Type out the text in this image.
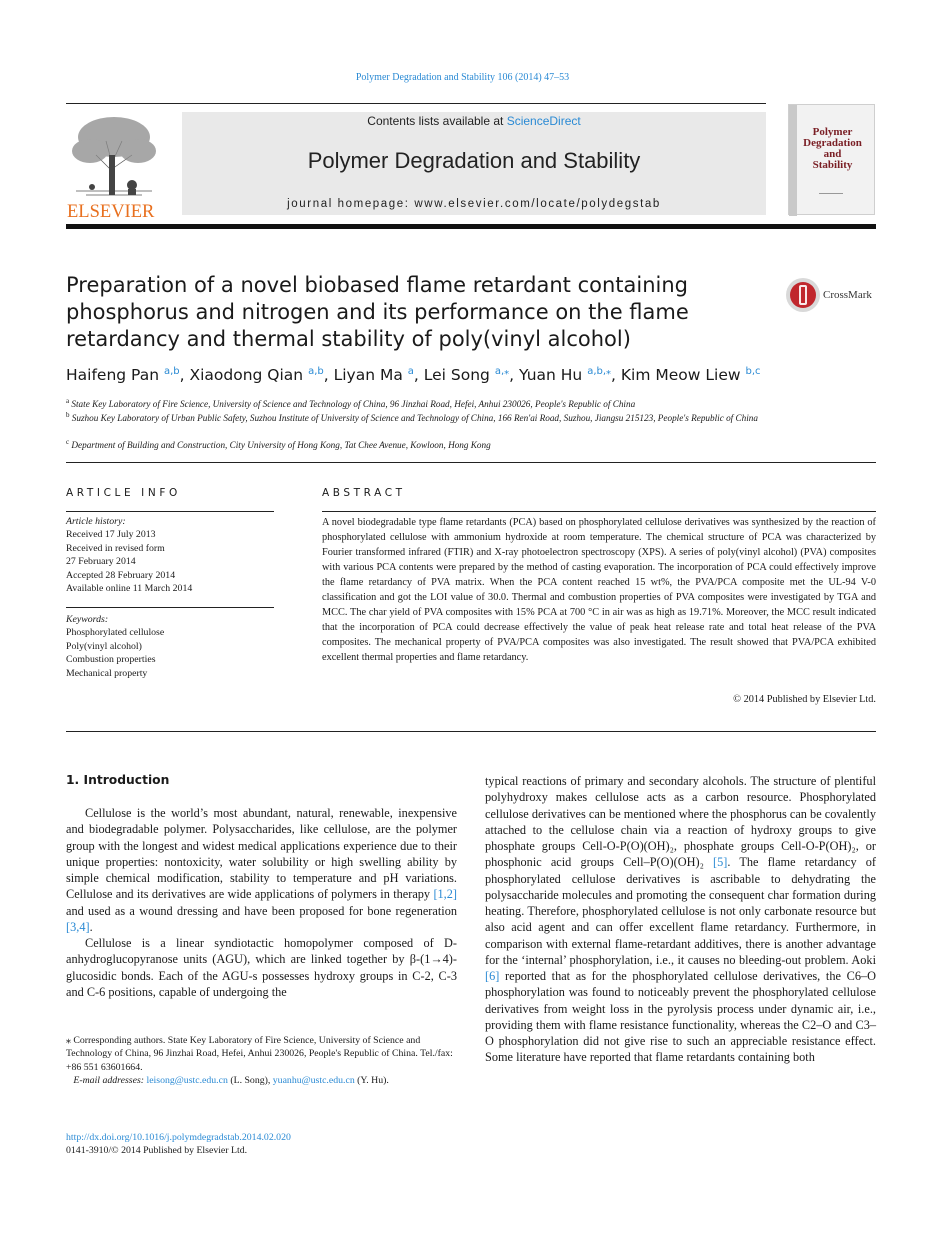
Polymer Degradation and Stability 106 (2014) 47–53
ELSEVIER
Contents lists available at ScienceDirect
Polymer Degradation and Stability
journal homepage: www.elsevier.com/locate/polydegstab
Polymer
Degradation
and
Stability
Preparation of a novel biobased flame retardant containing phosphorus and nitrogen and its performance on the flame retardancy and thermal stability of poly(vinyl alcohol)
CrossMark
Haifeng Pan $^{a,b}$, Xiaodong Qian $^{a,b}$, Liyan Ma $^a$, Lei Song $^{a,⁎}$, Yuan Hu $^{a,b,⁎}$, Kim Meow Liew $^{b,c}$
$^a$ State Key Laboratory of Fire Science, University of Science and Technology of China, 96 Jinzhai Road, Hefei, Anhui 230026, People's Republic of China
$^b$ Suzhou Key Laboratory of Urban Public Safety, Suzhou Institute of University of Science and Technology of China, 166 Ren'ai Road, Suzhou, Jiangsu 215123, People's Republic of China
$^c$ Department of Building and Construction, City University of Hong Kong, Tat Chee Avenue, Kowloon, Hong Kong
ARTICLE INFO	ABSTRACT
Article history:
Received 17 July 2013
Received in revised form
27 February 2014
Accepted 28 February 2014
Available online 11 March 2014
Keywords:
Phosphorylated cellulose
Poly(vinyl alcohol)
Combustion properties
Mechanical property
A novel biodegradable type flame retardants (PCA) based on phosphorylated cellulose derivatives was synthesized by the reaction of phosphorylated cellulose with ammonium hydroxide at room temperature. The chemical structure of PCA was characterized by Fourier transformed infrared (FTIR) and X-ray photoelectron spectroscopy (XPS). A series of poly(vinyl alcohol) (PVA) composites with various PCA contents were prepared by the method of casting evaporation. The incorporation of PCA could effectively improve the flame retardancy of PVA matrix. When the PCA content reached 15 wt%, the PVA/PCA composite met the UL-94 V-0 classification and got the LOI value of 30.0. Thermal and combustion properties of PVA composites were investigated by TGA and MCC. The char yield of PVA composites with 15% PCA at 700 °C in air was as high as 19.71%. Moreover, the MCC result indicated that the incorporation of PCA could decrease effectively the value of peak heat release rate and total heat release of the PVA composites. The mechanical property of PVA/PCA composites was also investigated. The result showed that PVA/PCA exhibited excellent thermal properties and flame retardancy.
© 2014 Published by Elsevier Ltd.
1. Introduction

Cellulose is the world’s most abundant, natural, renewable, inexpensive and biodegradable polymer. Polysaccharides, like cellulose, are the polymer group with the longest and widest medical applications experience due to their unique properties: nontoxicity, water solubility or high swelling ability by simple chemical modification, stability to temperature and pH variations. Cellulose and its derivatives are wide applications of polymers in therapy [1,2] and used as a wound dressing and have been proposed for bone regeneration [3,4].

Cellulose is a linear syndiotactic homopolymer composed of D-anhydroglucopyranose units (AGU), which are linked together by β-(1→4)-glucosidic bonds. Each of the AGU-s possesses hydroxy groups in C-2, C-3 and C-6 positions, capable of undergoing the

typical reactions of primary and secondary alcohols. The structure of plentiful polyhydroxy makes cellulose acts as a carbon resource. Phosphorylated cellulose derivatives can be mentioned where the phosphorus can be covalently attached to the cellulose chain via a reaction of hydroxy groups to give phosphate groups Cell-O-P(O)(OH)₂, phosphate groups Cell-O-P(OH)₂, or phosphonic acid groups Cell–P(O)(OH)₂ [5]. The flame retardancy of phosphorylated cellulose derivatives is ascribable to dehydrating the polysaccharide molecules and promoting the consequent char formation during heating. Therefore, phosphorylated cellulose is not only carbonate resource but also acid agent and can offer excellent flame retardancy. Furthermore, in comparison with external flame-retardant additives, there is another advantage for the ‘internal’ phosphorylation, i.e., it causes no bleeding-out problem. Aoki [6] reported that as for the phosphorylated cellulose derivatives, the C6–O phosphorylation was found to noticeably prevent the phosphorylated cellulose derivatives from weight loss in the pyrolysis process under dynamic air, i.e., providing them with flame resistance functionality, whereas the C2–O and C3–O phosphorylation did not give rise to such an appreciable resistance effect. Some literature have reported that flame retardants containing both

⁎ Corresponding authors. State Key Laboratory of Fire Science, University of Science and Technology of China, 96 Jinzhai Road, Hefei, Anhui 230026, People's Republic of China. Tel./fax: +86 551 63601664.

E-mail addresses: leisong@ustc.edu.cn (L. Song), yuanhu@ustc.edu.cn (Y. Hu).

http://dx.doi.org/10.1016/j.polymdegradstab.2014.02.020
0141-3910/© 2014 Published by Elsevier Ltd.
